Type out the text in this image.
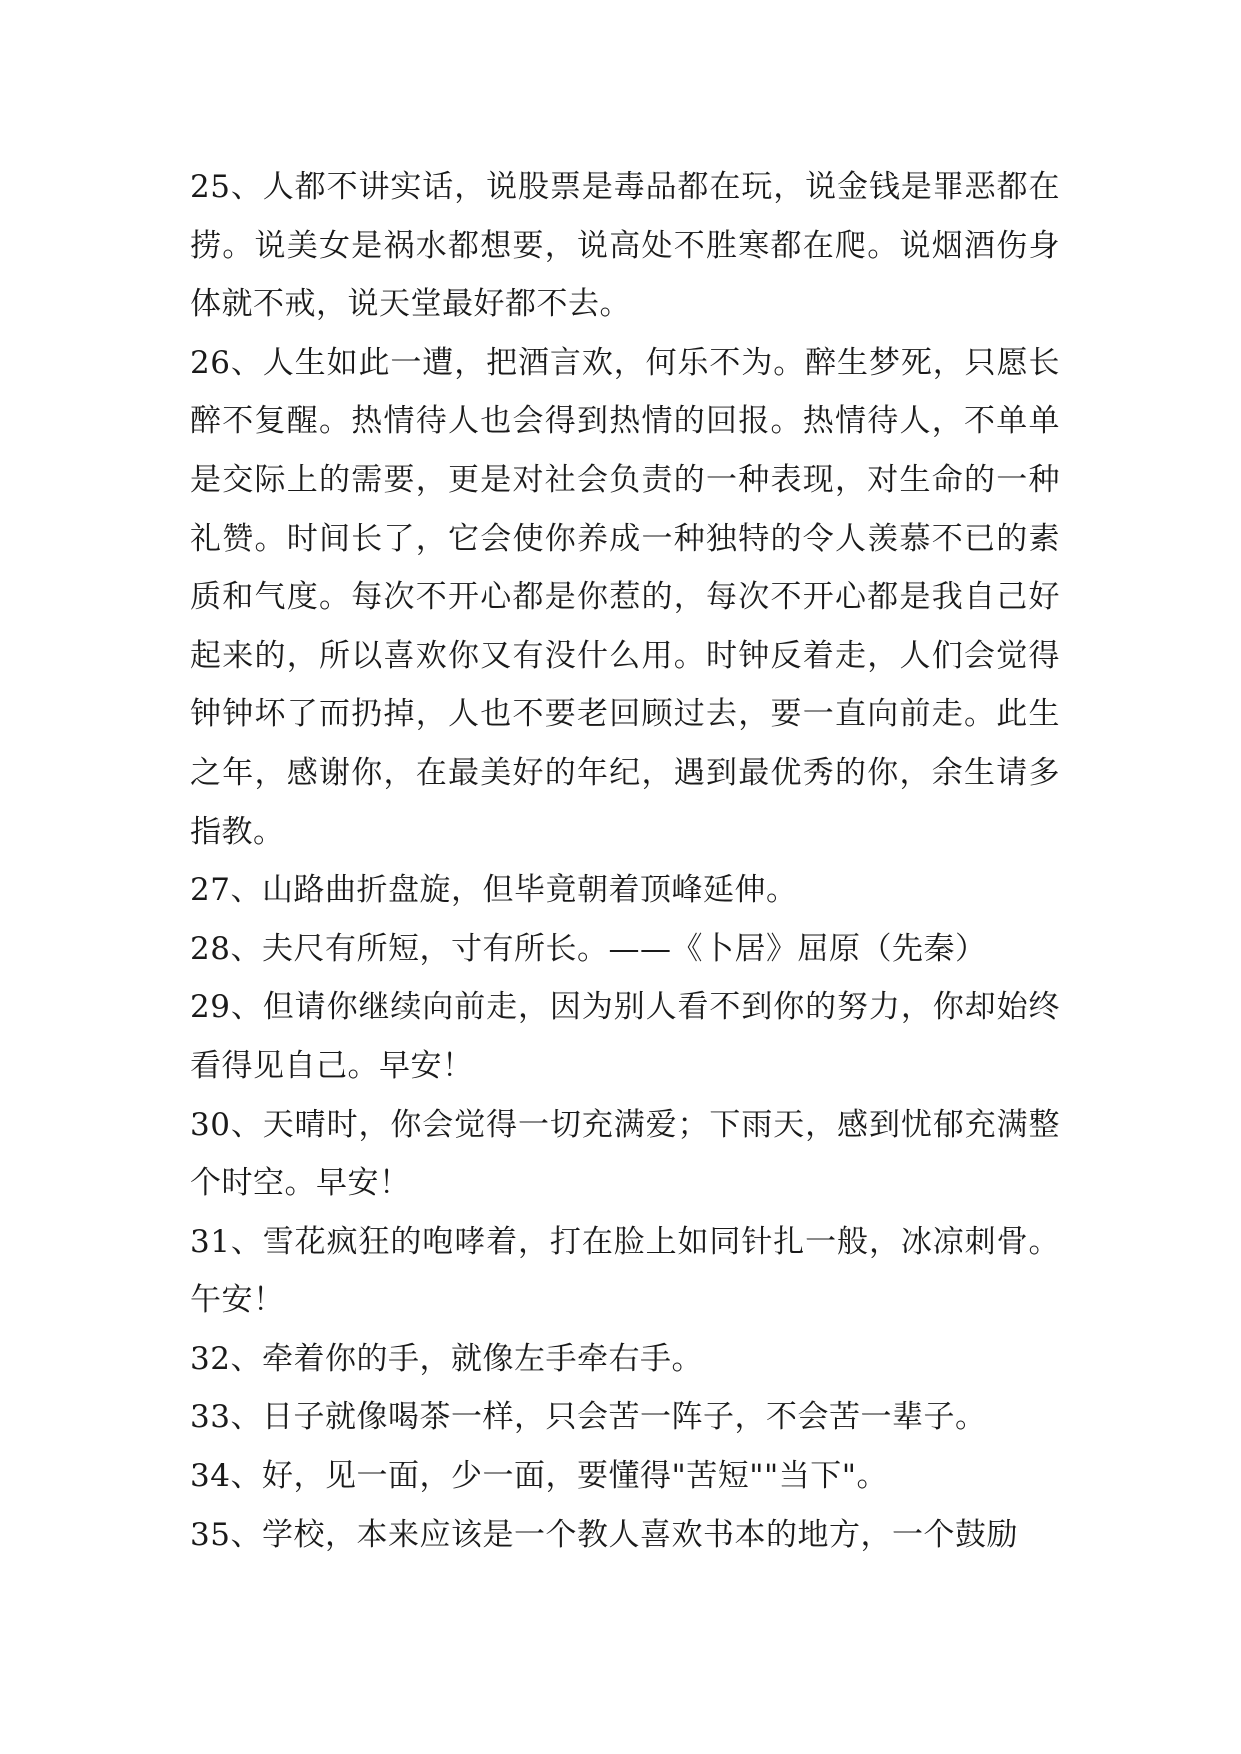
25、人都不讲实话，说股票是毒品都在玩，说金钱是罪恶都在捞。说美女是祸水都想要，说高处不胜寒都在爬。说烟酒伤身体就不戒，说天堂最好都不去。

26、人生如此一遭，把酒言欢，何乐不为。醉生梦死，只愿长醉不复醒。热情待人也会得到热情的回报。热情待人，不单单是交际上的需要，更是对社会负责的一种表现，对生命的一种礼赞。时间长了，它会使你养成一种独特的令人羡慕不已的素质和气度。每次不开心都是你惹的，每次不开心都是我自己好起来的，所以喜欢你又有没什么用。时钟反着走，人们会觉得钟钟坏了而扔掉，人也不要老回顾过去，要一直向前走。此生之年，感谢你，在最美好的年纪，遇到最优秀的你，余生请多指教。

27、山路曲折盘旋，但毕竟朝着顶峰延伸。

28、夫尺有所短，寸有所长。——《卜居》屈原（先秦）

29、但请你继续向前走，因为别人看不到你的努力，你却始终看得见自己。早安！

30、天晴时，你会觉得一切充满爱；下雨天，感到忧郁充满整个时空。早安！

31、雪花疯狂的咆哮着，打在脸上如同针扎一般，冰凉刺骨。午安！

32、牵着你的手，就像左手牵右手。

33、日子就像喝茶一样，只会苦一阵子，不会苦一辈子。

34、好，见一面，少一面，要懂得"苦短""当下"。

35、学校，本来应该是一个教人喜欢书本的地方，一个鼓励
